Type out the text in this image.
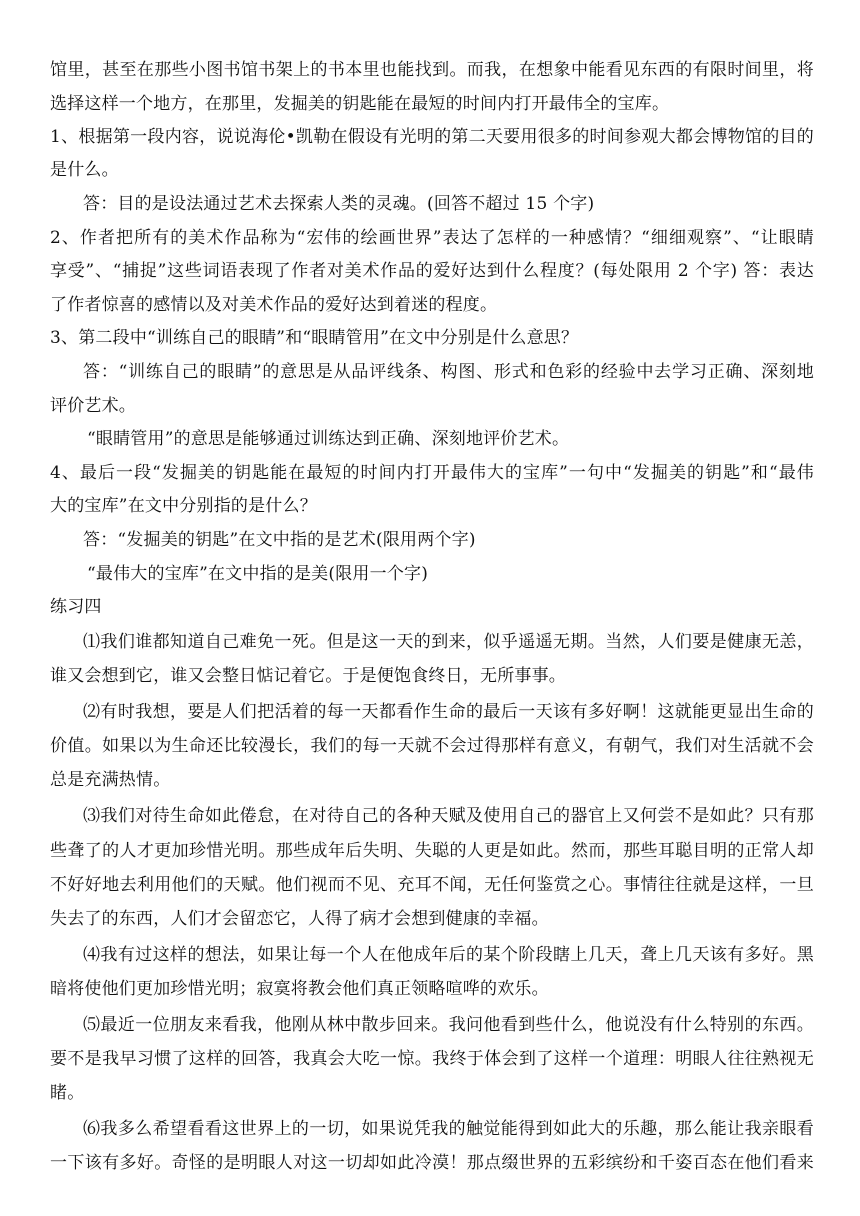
馆里，甚至在那些小图书馆书架上的书本里也能找到。而我，在想象中能看见东西的有限时间里，将
选择这样一个地方，在那里，发掘美的钥匙能在最短的时间内打开最伟全的宝库。
1、根据第一段内容，说说海伦•凯勒在假设有光明的第二天要用很多的时间参观大都会博物馆的目的
是什么。
答：目的是设法通过艺术去探索人类的灵魂。(回答不超过 15 个字)
2、作者把所有的美术作品称为“宏伟的绘画世界”表达了怎样的一种感情？“细细观察”、“让眼睛
享受”、“捕捉”这些词语表现了作者对美术作品的爱好达到什么程度？(每处限用 2 个字) 答：表达
了作者惊喜的感情以及对美术作品的爱好达到着迷的程度。
3、第二段中“训练自己的眼睛”和“眼睛管用”在文中分别是什么意思？
答：“训练自己的眼睛”的意思是从品评线条、构图、形式和色彩的经验中去学习正确、深刻地
评价艺术。
“眼睛管用”的意思是能够通过训练达到正确、深刻地评价艺术。
4、最后一段“发掘美的钥匙能在最短的时间内打开最伟大的宝库”一句中“发掘美的钥匙”和“最伟
大的宝库”在文中分别指的是什么？
答：“发掘美的钥匙”在文中指的是艺术(限用两个字)
“最伟大的宝库”在文中指的是美(限用一个字)
练习四
⑴我们谁都知道自己难免一死。但是这一天的到来，似乎遥遥无期。当然，人们要是健康无恙，
谁又会想到它，谁又会整日惦记着它。于是便饱食终日，无所事事。
⑵有时我想，要是人们把活着的每一天都看作生命的最后一天该有多好啊！这就能更显出生命的
价值。如果以为生命还比较漫长，我们的每一天就不会过得那样有意义，有朝气，我们对生活就不会
总是充满热情。
⑶我们对待生命如此倦怠，在对待自己的各种天赋及使用自己的器官上又何尝不是如此？只有那
些聋了的人才更加珍惜光明。那些成年后失明、失聪的人更是如此。然而，那些耳聪目明的正常人却
不好好地去利用他们的天赋。他们视而不见、充耳不闻，无任何鉴赏之心。事情往往就是这样，一旦
失去了的东西，人们才会留恋它，人得了病才会想到健康的幸福。
⑷我有过这样的想法，如果让每一个人在他成年后的某个阶段瞎上几天，聋上几天该有多好。黑
暗将使他们更加珍惜光明；寂寞将教会他们真正领略喧哗的欢乐。
⑸最近一位朋友来看我，他刚从林中散步回来。我问他看到些什么，他说没有什么特别的东西。
要不是我早习惯了这样的回答，我真会大吃一惊。我终于体会到了这样一个道理：明眼人往往熟视无
睹。
⑹我多么希望看看这世界上的一切，如果说凭我的触觉能得到如此大的乐趣，那么能让我亲眼看
一下该有多好。奇怪的是明眼人对这一切却如此冷漠！那点缀世界的五彩缤纷和千姿百态在他们看来
